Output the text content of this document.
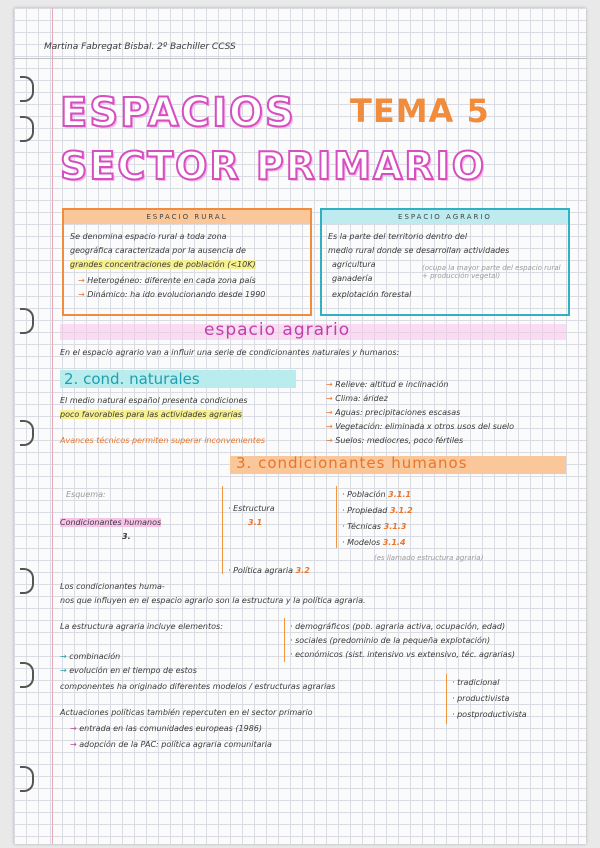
Martina Fabregat Bisbal. 2º Bachiller CCSS
ESPACIOS TEMA 5
SECTOR PRIMARIO
ESPACIO RURAL
Se denomina espacio rural a toda zona
geográfica caracterizada por la ausencia de
grandes concentraciones de población (<10K)
→ Heterogéneo: diferente en cada zona país
→ Dinámico: ha ido evolucionando desde 1990
ESPACIO AGRARIO
Es la parte del territorio dentro del
medio rural donde se desarrollan actividades
agricultura
ganadería
explotación forestal
(ocupa la mayor parte del espacio rural + producción vegetal)
espacio agrario
En el espacio agrario van a influir una serie de condicionantes naturales y humanos:
2. cond. naturales
El medio natural español presenta condiciones
poco favorables para las actividades agrarias
Avances técnicos permiten superar inconvenientes
→ Relieve: altitud e inclinación
→ Clima: áridez
→ Aguas: precipitaciones escasas
→ Vegetación: eliminada x otros usos del suelo
→ Suelos: mediocres, poco fértiles
3. condicionantes humanos
Esquema:
Condicionantes humanos
3.
· Estructura
3.1
· Población 3.1.1
· Propiedad 3.1.2
· Técnicas 3.1.3
· Modelos 3.1.4
(es llamado estructura agraria)
· Política agraria 3.2
Los condicionantes huma-
nos que influyen en el espacio agrario son la estructura y la política agraria.
La estructura agraria incluye elementos:	· demográficos (pob. agraria activa, ocupación, edad)
· sociales (predominio de la pequeña explotación)
· económicos (sist. intensivo vs extensivo, téc. agrarias)
→ combinación
→ evolución en el tiempo de estos
componentes ha originado diferentes modelos / estructuras agrarias	· tradicional
· productivista
· postproductivista
Actuaciones políticas también repercuten en el sector primario
→ entrada en las comunidades europeas (1986)
→ adopción de la PAC: política agraria comunitaria
